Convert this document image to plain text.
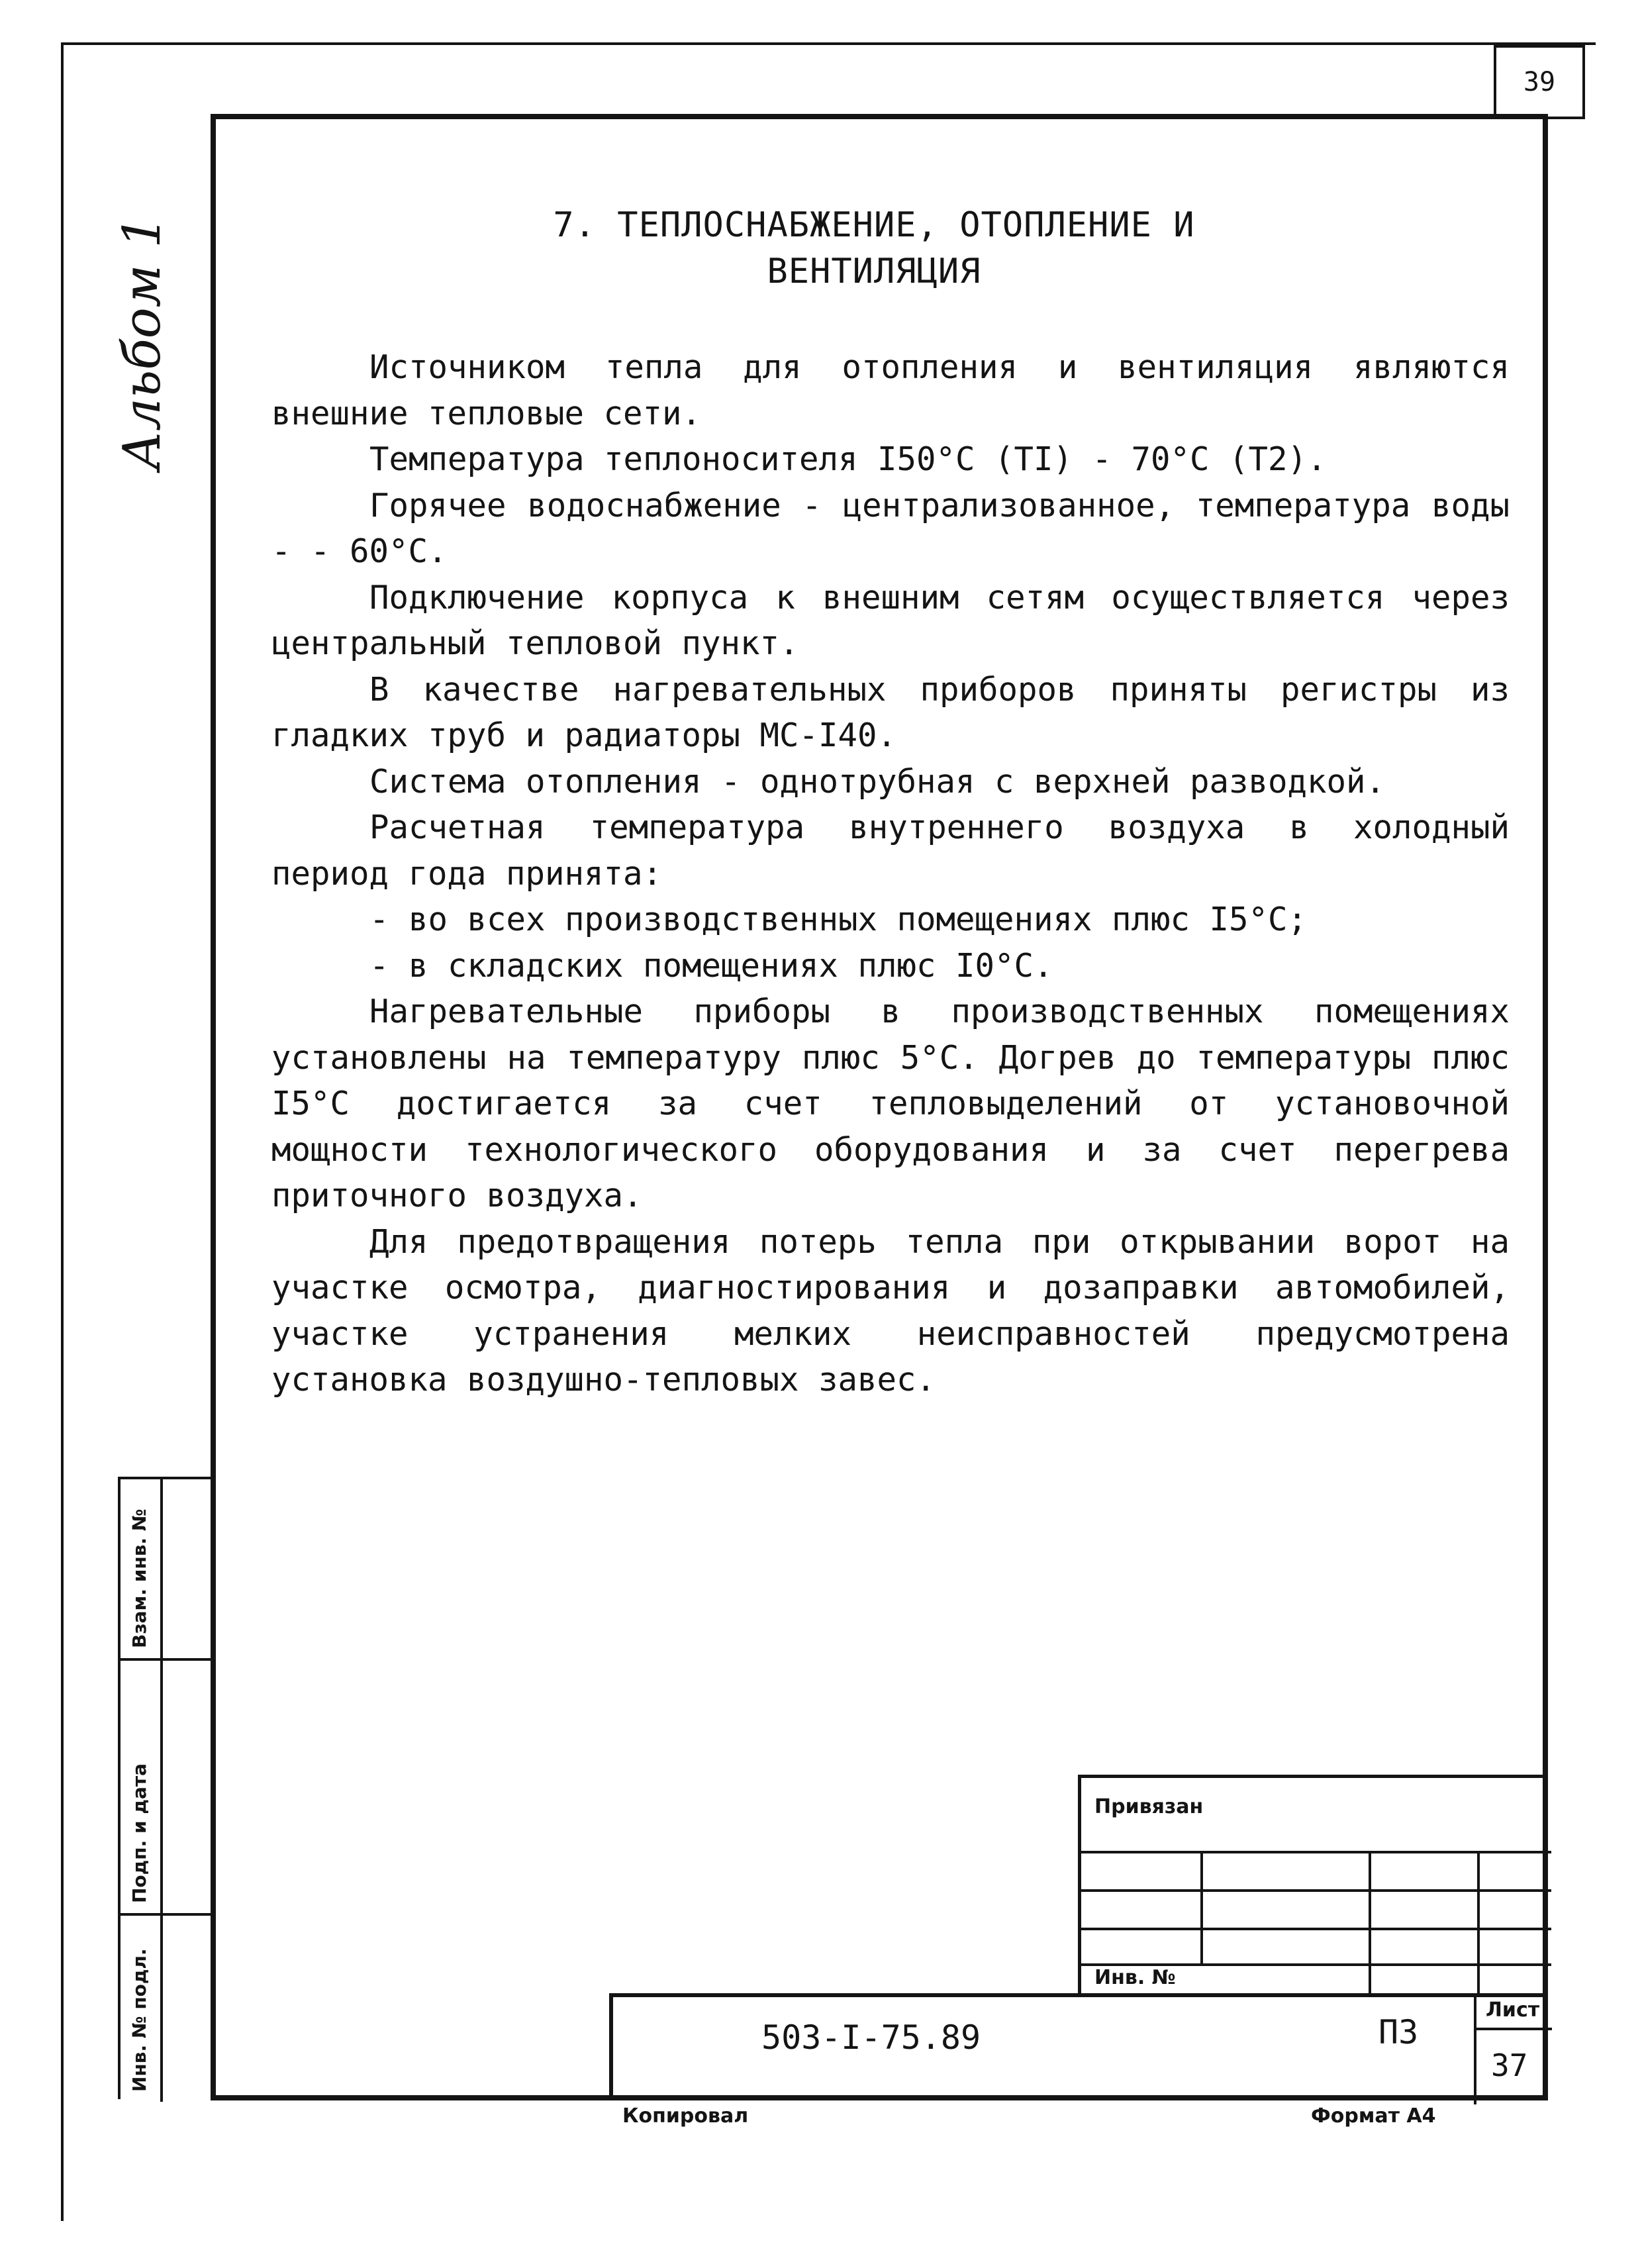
39
Альбом 1	7. ТЕПЛОСНАБЖЕНИЕ, ОТОПЛЕНИЕ И
ВЕНТИЛЯЦИЯ

Источником тепла для отопления и вентиляция являются внешние тепловые сети.

Температура теплоносителя I50°C (TI) - 70°C (T2).

Горячее водоснабжение - централизованное, температура воды - - 60°С.

Подключение корпуса к внешним сетям осуществляется через центральный тепловой пункт.

В качестве нагревательных приборов приняты регистры из гладких труб и радиаторы МС-I40.

Система отопления - однотрубная с верхней разводкой.

Расчетная температура внутреннего воздуха в холодный период года принята:

- во всех производственных помещениях плюс I5°С;

- в складских помещениях плюс I0°С.

Нагревательные приборы в производственных помещениях установлены на температуру плюс 5°С. Догрев до температуры плюс I5°С достигается за счет тепловыделений от установочной мощности технологического оборудования и за счет перегрева приточного воздуха.

Для предотвращения потерь тепла при открывании ворот на участке осмотра, диагностирования и дозаправки автомобилей, участке устранения мелких неисправностей предусмотрена установка воздушно-тепловых завес.

Взам. инв. №
Подп. и дата
Инв. № подл.
Привязан
Инв. №
503-I-75.89	ПЗ
Лист
37
Копировал	Формат А4
